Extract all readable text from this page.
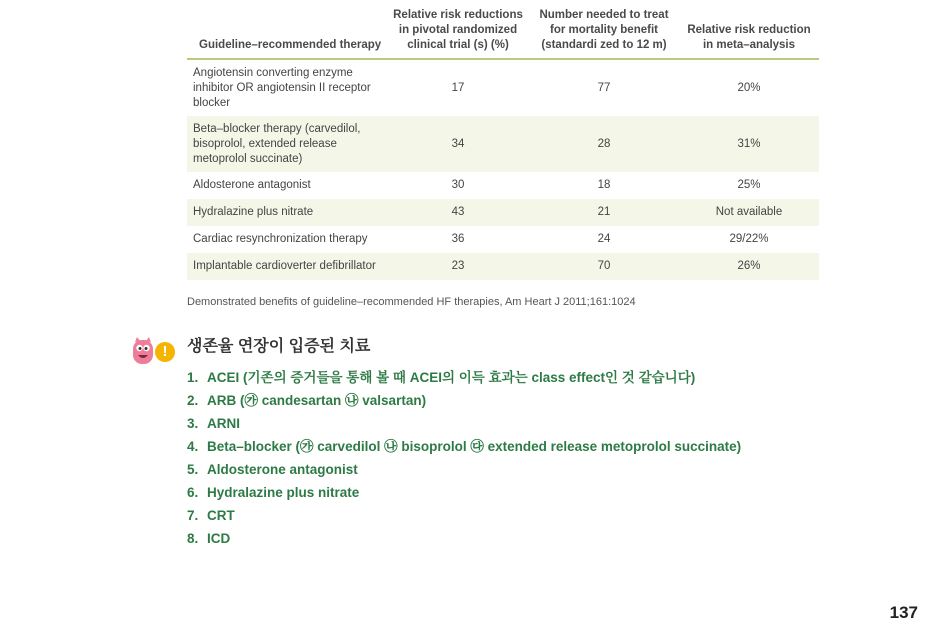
Guideline–recommended therapy	Relative risk reductions in pivotal randomized clinical trial (s) (%)	Number needed to treat for mortality benefit (standardi zed to 12 m)	Relative risk reduction in meta–analysis
Angiotensin converting enzyme inhibitor OR angiotensin II receptor blocker	17	77	20%
Beta–blocker therapy (carvedilol, bisoprolol, extended release metoprolol succinate)	34	28	31%
Aldosterone antagonist	30	18	25%
Hydralazine plus nitrate	43	21	Not available
Cardiac resynchronization therapy	36	24	29/22%
Implantable cardioverter defibrillator	23	70	26%
Demonstrated benefits of guideline–recommended HF therapies, Am Heart J 2011;161:1024
!	생존율 연장이 입증된 치료
1. ACEI (기존의 증거들을 통해 볼 때 ACEI의 이득 효과는 class effect인 것 같습니다)
2. ARB (㉮ candesartan ㉯ valsartan)
3. ARNI
4. Beta–blocker (㉮ carvedilol ㉯ bisoprolol ㉰ extended release metoprolol succinate)
5. Aldosterone antagonist
6. Hydralazine plus nitrate
7. CRT
8. ICD
137
